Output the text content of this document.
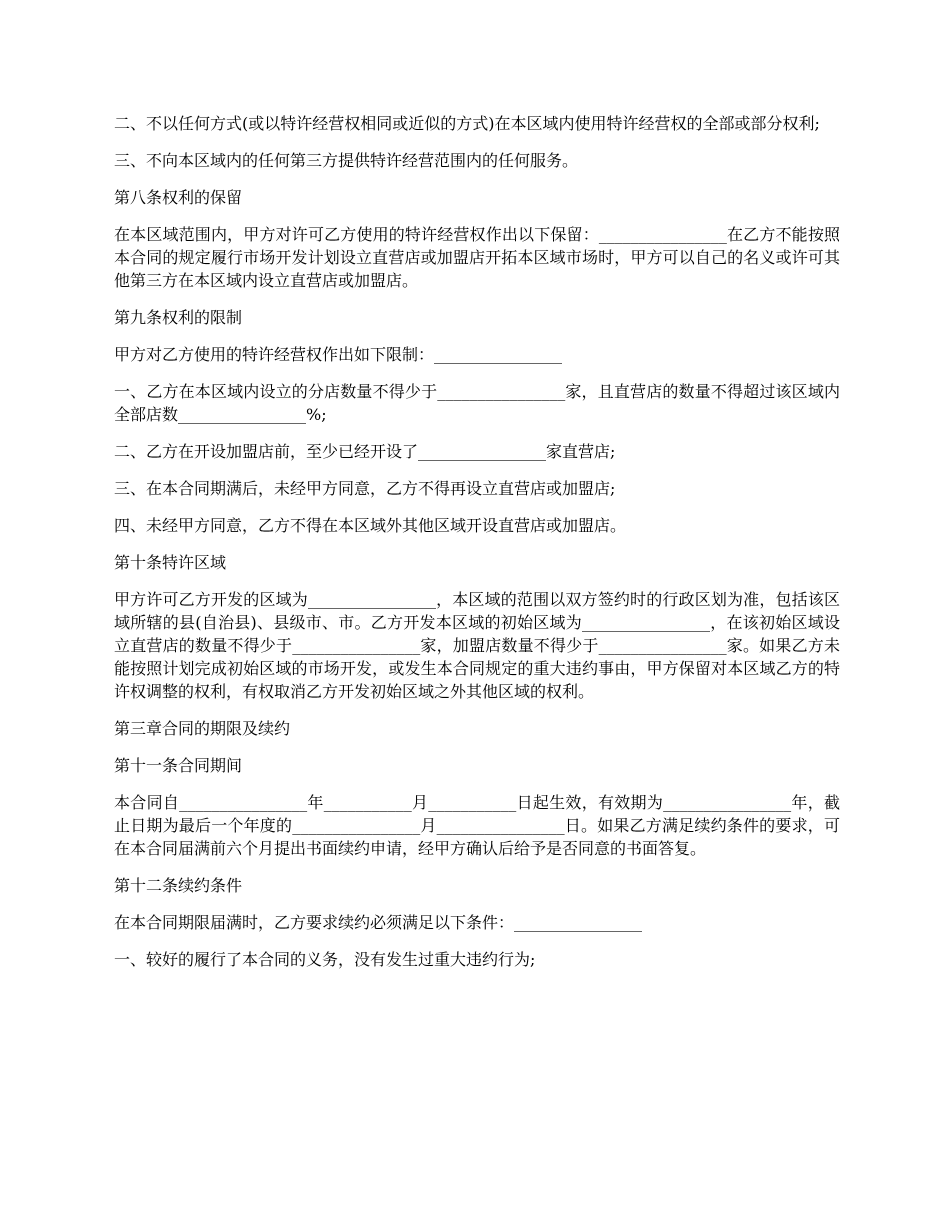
二、不以任何方式(或以特许经营权相同或近似的方式)在本区域内使用特许经营权的全部或部分权利;

三、不向本区域内的任何第三方提供特许经营范围内的任何服务。

第八条权利的保留

在本区域范围内，甲方对许可乙方使用的特许经营权作出以下保留：________________在乙方不能按照本合同的规定履行市场开发计划设立直营店或加盟店开拓本区域市场时，甲方可以自己的名义或许可其他第三方在本区域内设立直营店或加盟店。

第九条权利的限制

甲方对乙方使用的特许经营权作出如下限制：________________

一、乙方在本区域内设立的分店数量不得少于________________家，且直营店的数量不得超过该区域内全部店数________________%;

二、乙方在开设加盟店前，至少已经开设了________________家直营店;

三、在本合同期满后，未经甲方同意，乙方不得再设立直营店或加盟店;

四、未经甲方同意，乙方不得在本区域外其他区域开设直营店或加盟店。

第十条特许区域

甲方许可乙方开发的区域为________________，本区域的范围以双方签约时的行政区划为准，包括该区域所辖的县(自治县)、县级市、市。乙方开发本区域的初始区域为________________，在该初始区域设立直营店的数量不得少于________________家，加盟店数量不得少于________________家。如果乙方未能按照计划完成初始区域的市场开发，或发生本合同规定的重大违约事由，甲方保留对本区域乙方的特许权调整的权利，有权取消乙方开发初始区域之外其他区域的权利。

第三章合同的期限及续约

第十一条合同期间

本合同自________________年___________月___________日起生效，有效期为________________年，截止日期为最后一个年度的________________月________________日。如果乙方满足续约条件的要求，可在本合同届满前六个月提出书面续约申请，经甲方确认后给予是否同意的书面答复。

第十二条续约条件

在本合同期限届满时，乙方要求续约必须满足以下条件：________________

一、较好的履行了本合同的义务，没有发生过重大违约行为;
